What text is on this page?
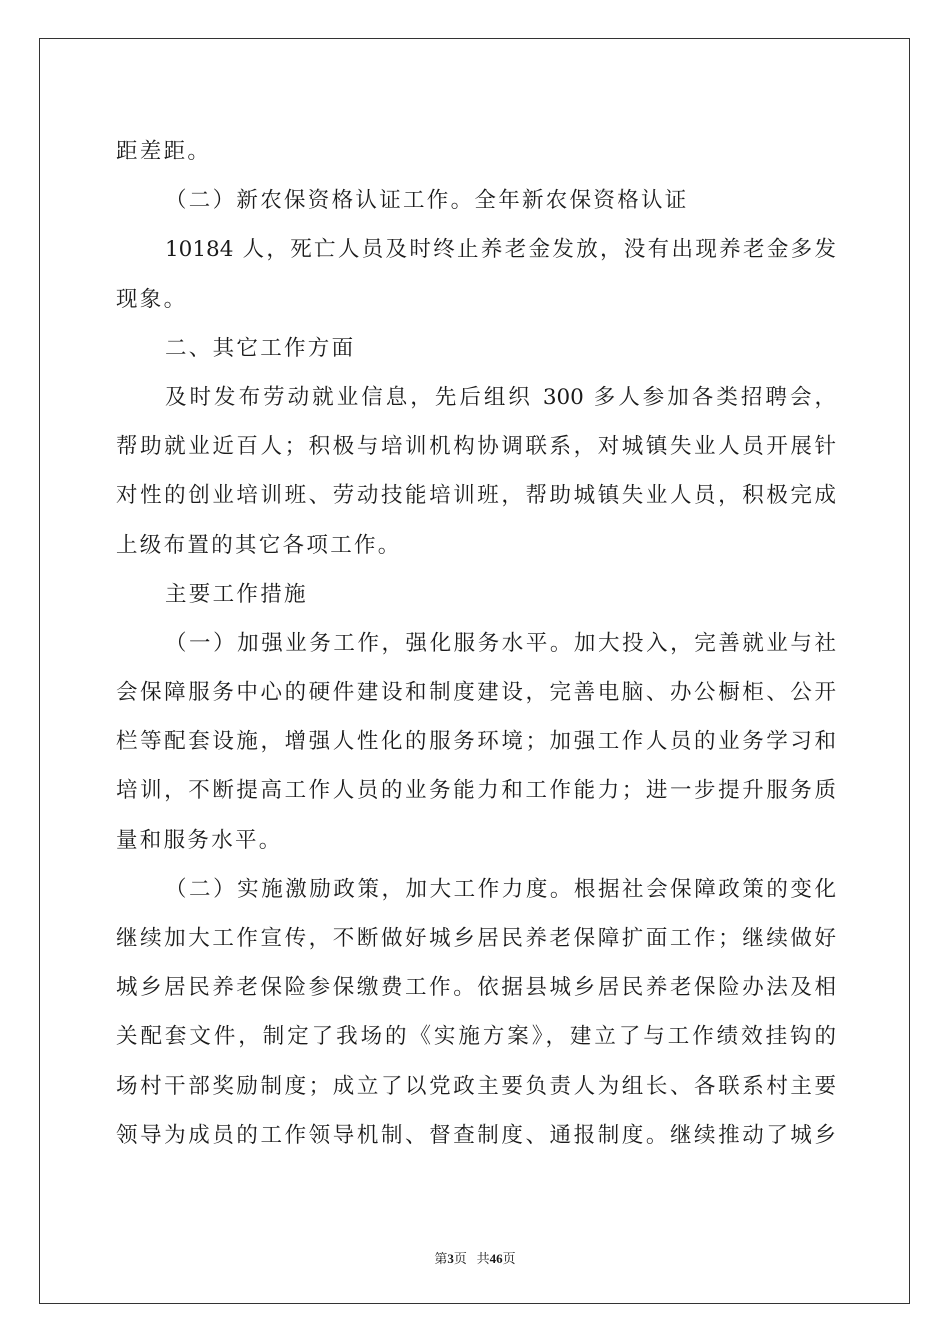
距差距。
（二）新农保资格认证工作。全年新农保资格认证
10184 人，死亡人员及时终止养老金发放，没有出现养老金多发
现象。
二、其它工作方面
及时发布劳动就业信息，先后组织 300 多人参加各类招聘会，
帮助就业近百人；积极与培训机构协调联系，对城镇失业人员开展针
对性的创业培训班、劳动技能培训班，帮助城镇失业人员，积极完成
上级布置的其它各项工作。
主要工作措施
（一）加强业务工作，强化服务水平。加大投入，完善就业与社
会保障服务中心的硬件建设和制度建设，完善电脑、办公橱柜、公开
栏等配套设施，增强人性化的服务环境；加强工作人员的业务学习和
培训，不断提高工作人员的业务能力和工作能力；进一步提升服务质
量和服务水平。
（二）实施激励政策，加大工作力度。根据社会保障政策的变化
继续加大工作宣传，不断做好城乡居民养老保障扩面工作；继续做好
城乡居民养老保险参保缴费工作。依据县城乡居民养老保险办法及相
关配套文件，制定了我场的《实施方案》，建立了与工作绩效挂钩的
场村干部奖励制度；成立了以党政主要负责人为组长、各联系村主要
领导为成员的工作领导机制、督查制度、通报制度。继续推动了城乡
第3页 共46页
